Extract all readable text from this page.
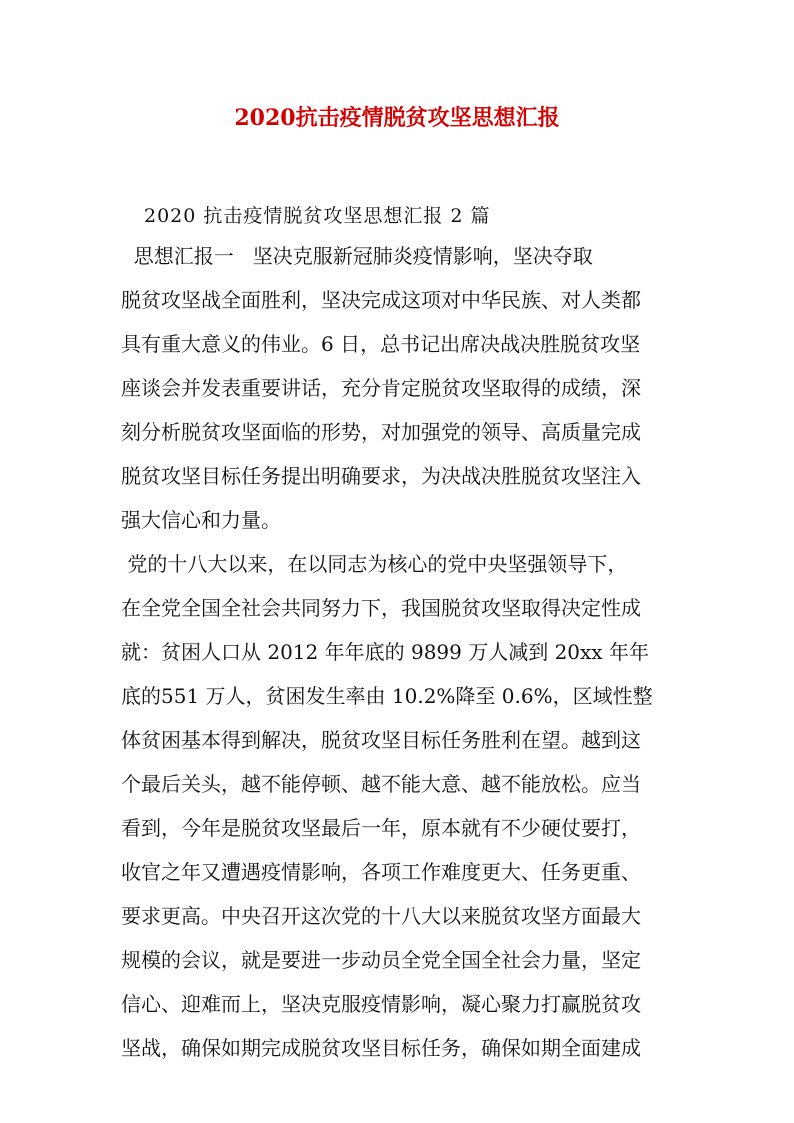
2020抗击疫情脱贫攻坚思想汇报

2020 抗击疫情脱贫攻坚思想汇报 2 篇

思想汇报一   坚决克服新冠肺炎疫情影响，坚决夺取

脱贫攻坚战全面胜利，坚决完成这项对中华民族、对人类都

具有重大意义的伟业。6 日，总书记出席决战决胜脱贫攻坚

座谈会并发表重要讲话，充分肯定脱贫攻坚取得的成绩，深

刻分析脱贫攻坚面临的形势，对加强党的领导、高质量完成

脱贫攻坚目标任务提出明确要求，为决战决胜脱贫攻坚注入

强大信心和力量。

党的十八大以来，在以同志为核心的党中央坚强领导下，

在全党全国全社会共同努力下，我国脱贫攻坚取得决定性成

就：贫困人口从 2012 年年底的 9899 万人减到 20xx 年年

底的551 万人，贫困发生率由 10.2%降至 0.6%，区域性整

体贫困基本得到解决，脱贫攻坚目标任务胜利在望。越到这

个最后关头，越不能停顿、越不能大意、越不能放松。应当

看到，今年是脱贫攻坚最后一年，原本就有不少硬仗要打，

收官之年又遭遇疫情影响，各项工作难度更大、任务更重、

要求更高。中央召开这次党的十八大以来脱贫攻坚方面最大

规模的会议，就是要进一步动员全党全国全社会力量，坚定

信心、迎难而上，坚决克服疫情影响，凝心聚力打赢脱贫攻

坚战，确保如期完成脱贫攻坚目标任务，确保如期全面建成
